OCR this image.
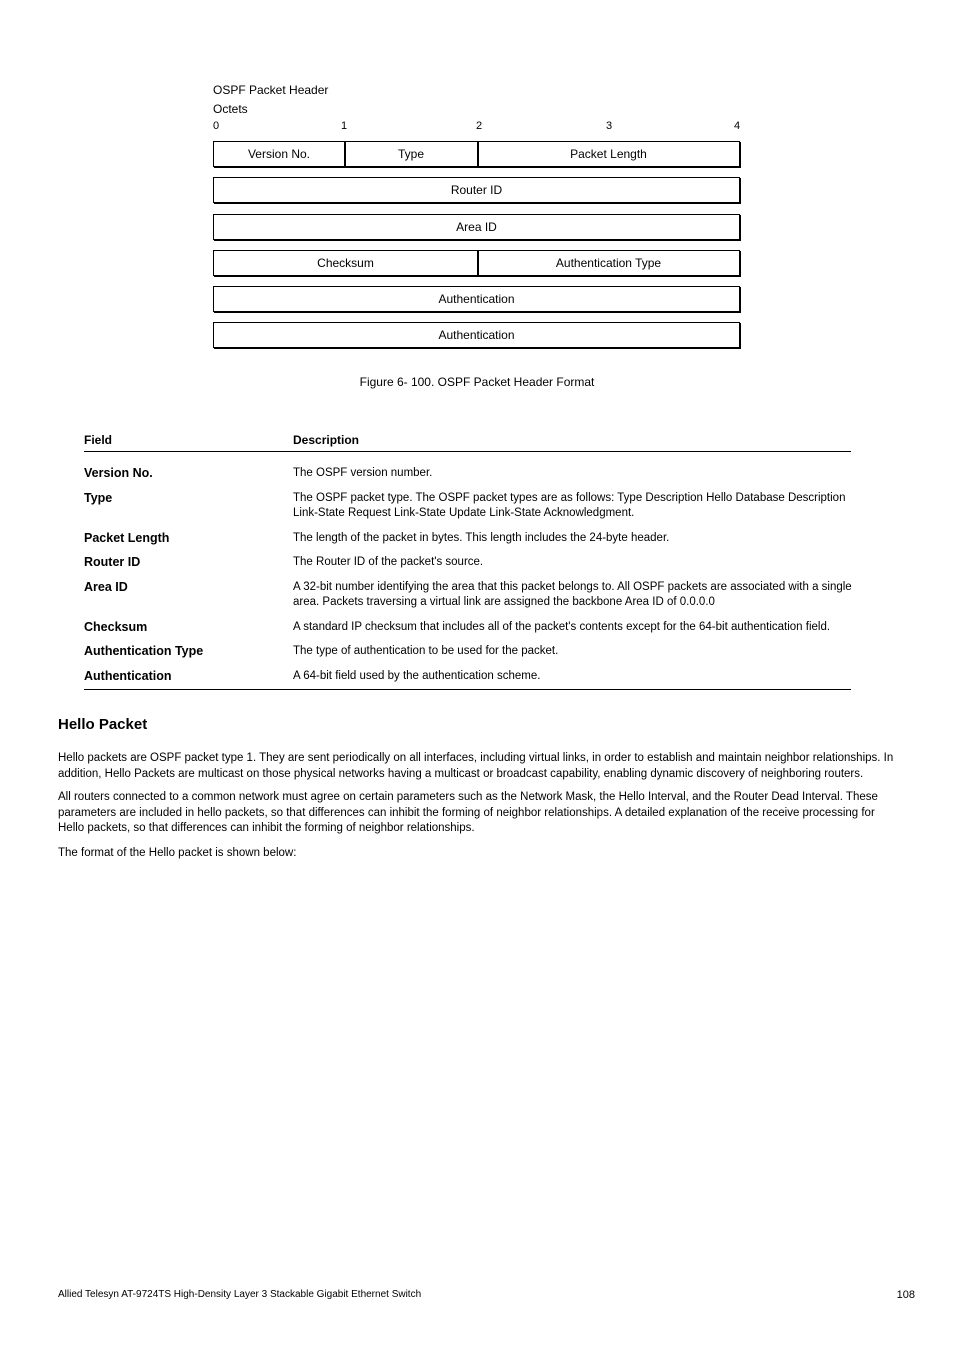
OSPF Packet Header
Octets
0	1	2	3	4
Version No.	Type	Packet Length
Router ID
Area ID
Checksum	Authentication Type
Authentication
Authentication
Figure 6- 100. OSPF Packet Header Format
Field	Description
Version No.	The OSPF version number.
Type	The OSPF packet type. The OSPF packet types are as follows: Type Description Hello Database Description Link-State Request Link-State Update Link-State Acknowledgment.
Packet Length	The length of the packet in bytes. This length includes the 24-byte header.
Router ID	The Router ID of the packet's source.
Area ID	A 32-bit number identifying the area that this packet belongs to. All OSPF packets are associated with a single area. Packets traversing a virtual link are assigned the backbone Area ID of 0.0.0.0
Checksum	A standard IP checksum that includes all of the packet's contents except for the 64-bit authentication field.
Authentication Type	The type of authentication to be used for the packet.
Authentication	A 64-bit field used by the authentication scheme.
Hello Packet
Hello packets are OSPF packet type 1. They are sent periodically on all interfaces, including virtual links, in order to establish and maintain neighbor relationships. In addition, Hello Packets are multicast on those physical networks having a multicast or broadcast capability, enabling dynamic discovery of neighboring routers.
All routers connected to a common network must agree on certain parameters such as the Network Mask, the Hello Interval, and the Router Dead Interval. These parameters are included in hello packets, so that differences can inhibit the forming of neighbor relationships. A detailed explanation of the receive processing for Hello packets, so that differences can inhibit the forming of neighbor relationships.
The format of the Hello packet is shown below:
Allied Telesyn AT-9724TS High-Density Layer 3 Stackable Gigabit Ethernet Switch	108
